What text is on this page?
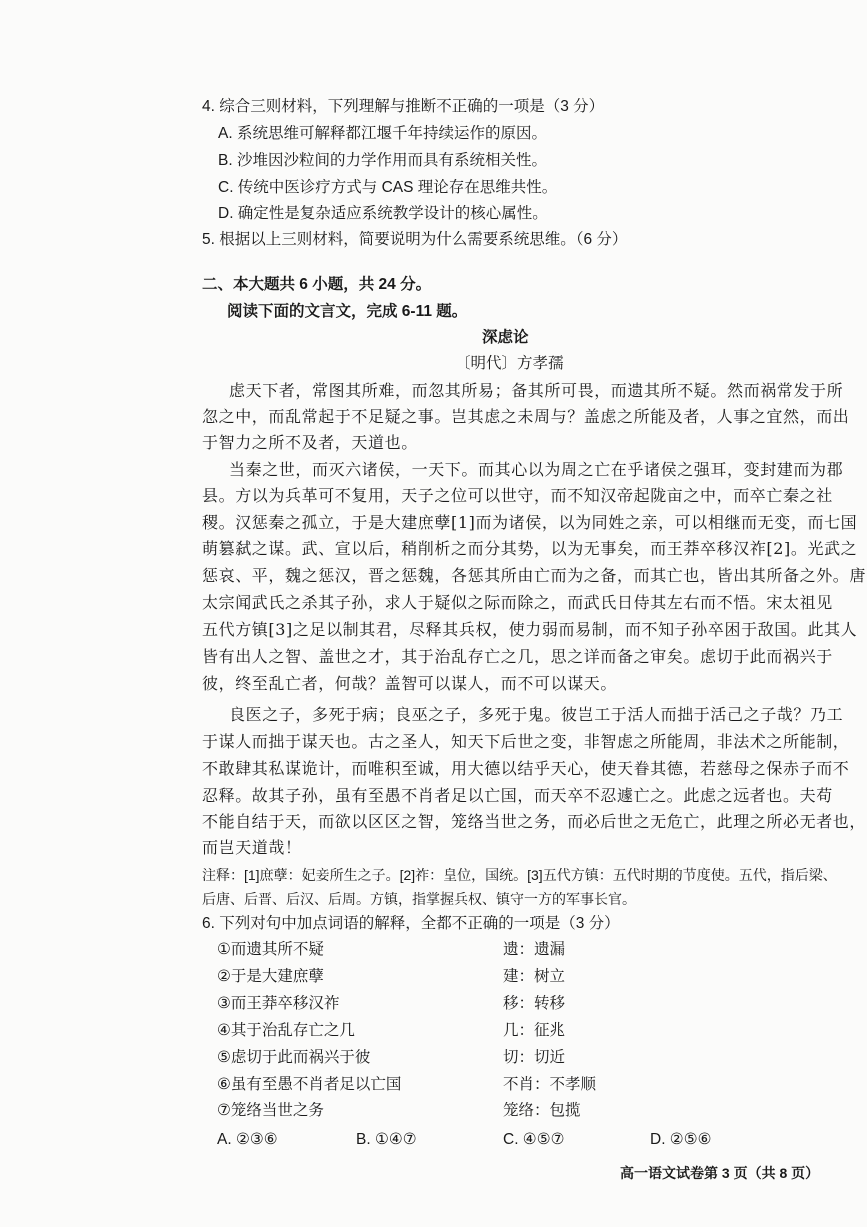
4. 综合三则材料，下列理解与推断不正确的一项是（3 分）
A. 系统思维可解释都江堰千年持续运作的原因。
B. 沙堆因沙粒间的力学作用而具有系统相关性。
C. 传统中医诊疗方式与 CAS 理论存在思维共性。
D. 确定性是复杂适应系统教学设计的核心属性。
5. 根据以上三则材料，简要说明为什么需要系统思维。（6 分）
二、本大题共 6 小题，共 24 分。
阅读下面的文言文，完成 6-11 题。
深虑论
〔明代〕方孝孺
虑天下者，常图其所难，而忽其所易；备其所可畏，而遗其所不疑。然而祸常发于所
忽之中，而乱常起于不足疑之事。岂其虑之未周与？盖虑之所能及者，人事之宜然，而出
于智力之所不及者，天道也。
当秦之世，而灭六诸侯，一天下。而其心以为周之亡在乎诸侯之强耳，变封建而为郡
县。方以为兵革可不复用，天子之位可以世守，而不知汉帝起陇亩之中，而卒亡秦之社
稷。汉惩秦之孤立，于是大建庶孽[1]而为诸侯，以为同姓之亲，可以相继而无变，而七国
萌篡弑之谋。武、宣以后，稍削析之而分其势，以为无事矣，而王莽卒移汉祚[2]。光武之
惩哀、平，魏之惩汉，晋之惩魏，各惩其所由亡而为之备，而其亡也，皆出其所备之外。唐
太宗闻武氏之杀其子孙，求人于疑似之际而除之，而武氏日侍其左右而不悟。宋太祖见
五代方镇[3]之足以制其君，尽释其兵权，使力弱而易制，而不知子孙卒困于敌国。此其人
皆有出人之智、盖世之才，其于治乱存亡之几，思之详而备之审矣。虑切于此而祸兴于
彼，终至乱亡者，何哉？盖智可以谋人，而不可以谋天。
良医之子，多死于病；良巫之子，多死于鬼。彼岂工于活人而拙于活己之子哉？乃工
于谋人而拙于谋天也。古之圣人，知天下后世之变，非智虑之所能周，非法术之所能制，
不敢肆其私谋诡计，而唯积至诚，用大德以结乎天心，使天眷其德，若慈母之保赤子而不
忍释。故其子孙，虽有至愚不肖者足以亡国，而天卒不忍遽亡之。此虑之远者也。夫苟
不能自结于天，而欲以区区之智，笼络当世之务，而必后世之无危亡，此理之所必无者也，
而岂天道哉！
注释：[1]庶孽：妃妾所生之子。[2]祚：皇位，国统。[3]五代方镇：五代时期的节度使。五代，指后梁、
后唐、后晋、后汉、后周。方镇，指掌握兵权、镇守一方的军事长官。
6. 下列对句中加点词语的解释，全都不正确的一项是（3 分）
①而遗其所不疑	遗：遗漏
②于是大建庶孽	建：树立
③而王莽卒移汉祚	移：转移
④其于治乱存亡之几	几：征兆
⑤虑切于此而祸兴于彼	切：切近
⑥虽有至愚不肖者足以亡国	不肖：不孝顺
⑦笼络当世之务	笼络：包揽
A. ②③⑥	B. ①④⑦	C. ④⑤⑦	D. ②⑤⑥
高一语文试卷第 3 页（共 8 页）
